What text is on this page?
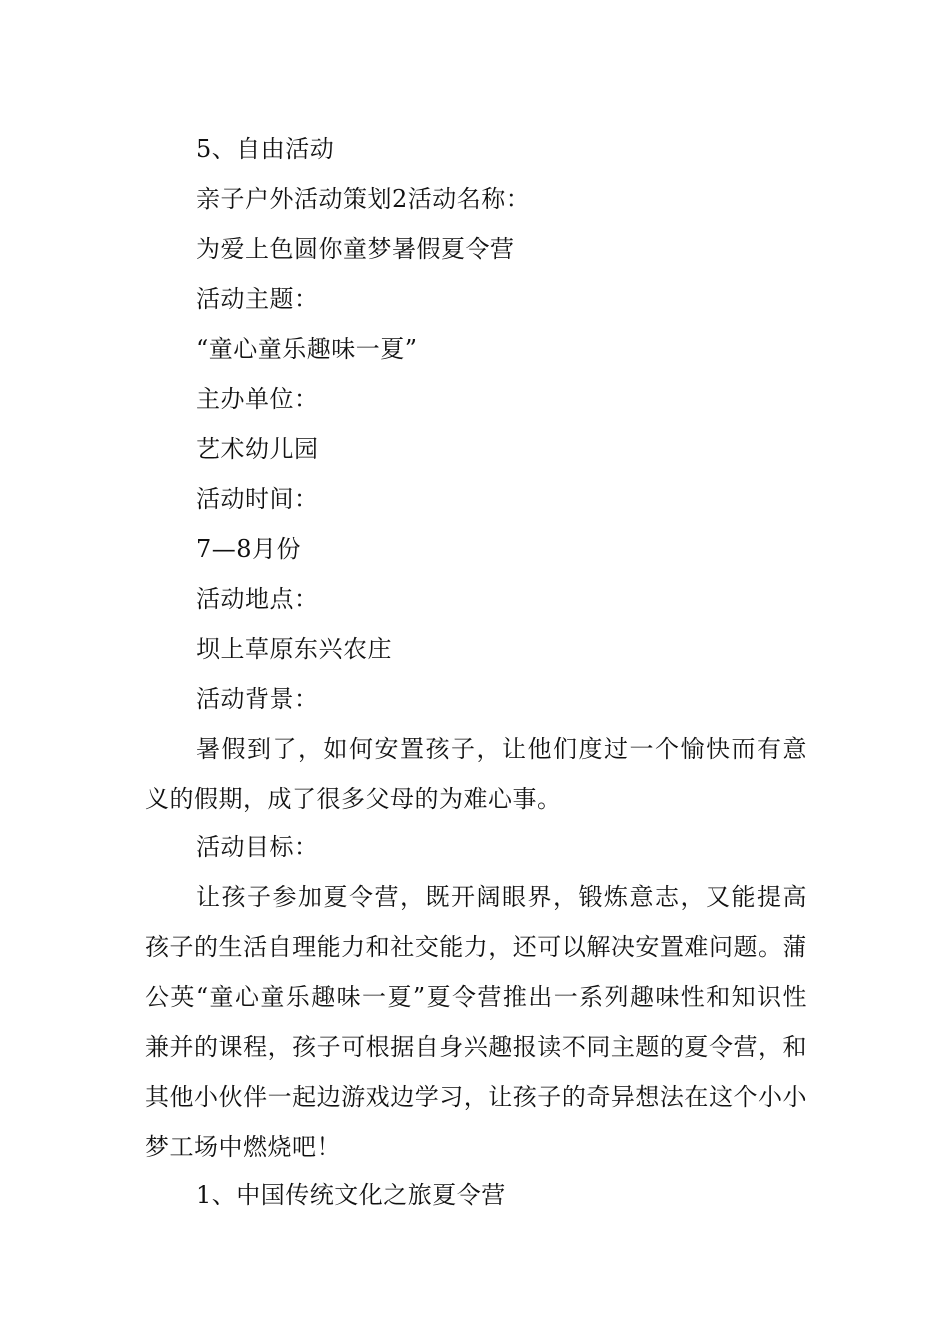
5、自由活动
亲子户外活动策划2活动名称：
为爱上色圆你童梦暑假夏令营
活动主题：
“童心童乐趣味一夏”
主办单位：
艺术幼儿园
活动时间：
7—8月份
活动地点：
坝上草原东兴农庄
活动背景：
暑假到了，如何安置孩子，让他们度过一个愉快而有意义的假期，成了很多父母的为难心事。
活动目标：
让孩子参加夏令营，既开阔眼界，锻炼意志，又能提高孩子的生活自理能力和社交能力，还可以解决安置难问题。蒲公英“童心童乐趣味一夏”夏令营推出一系列趣味性和知识性兼并的课程，孩子可根据自身兴趣报读不同主题的夏令营，和其他小伙伴一起边游戏边学习，让孩子的奇异想法在这个小小梦工场中燃烧吧！
1、中国传统文化之旅夏令营
